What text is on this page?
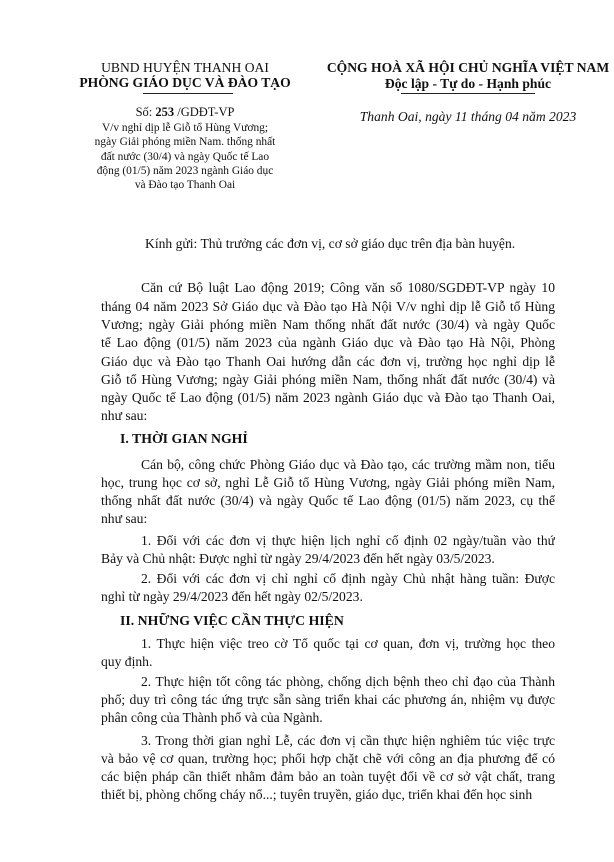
UBND HUYỆN THANH OAI
PHÒNG GIÁO DỤC VÀ ĐÀO TẠO
Số: 253 /GDĐT-VP
V/v nghỉ dịp lễ Giỗ tổ Hùng Vương;
ngày Giải phóng miền Nam. thống nhất
đất nước (30/4) và ngày Quốc tế Lao
động (01/5) năm 2023 ngành Giáo dục
và Đào tạo Thanh Oai
CỘNG HOÀ XÃ HỘI CHỦ NGHĨA VIỆT NAM
Độc lập - Tự do - Hạnh phúc
Thanh Oai, ngày 11 tháng 04 năm 2023
Kính gửi: Thủ trưởng các đơn vị, cơ sở giáo dục trên địa bàn huyện.
Căn cứ Bộ luật Lao động 2019; Công văn số 1080/SGDĐT-VP ngày 10
tháng 04 năm 2023 Sở Giáo dục và Đào tạo Hà Nội V/v nghỉ dịp lễ Giỗ tổ Hùng
Vương; ngày Giải phóng miền Nam thống nhất đất nước (30/4) và ngày Quốc
tế Lao động (01/5) năm 2023 của ngành Giáo dục và Đào tạo Hà Nội, Phòng
Giáo dục và Đào tạo Thanh Oai hướng dẫn các đơn vị, trường học nghỉ dịp lễ
Giỗ tổ Hùng Vương; ngày Giải phóng miền Nam, thống nhất đất nước (30/4) và
ngày Quốc tế Lao động (01/5) năm 2023 ngành Giáo dục và Đào tạo Thanh Oai,
như sau:
I. THỜI GIAN NGHỈ
Cán bộ, công chức Phòng Giáo dục và Đào tạo, các trường mầm non, tiểu
học, trung học cơ sở, nghỉ Lễ Giỗ tổ Hùng Vương, ngày Giải phóng miền Nam,
thống nhất đất nước (30/4) và ngày Quốc tế Lao động (01/5) năm 2023, cụ thể
như sau:
1. Đối với các đơn vị thực hiện lịch nghỉ cố định 02 ngày/tuần vào thứ
Bảy và Chủ nhật: Được nghỉ từ ngày 29/4/2023 đến hết ngày 03/5/2023.
2. Đối với các đơn vị chỉ nghỉ cố định ngày Chủ nhật hàng tuần: Được
nghỉ từ ngày 29/4/2023 đến hết ngày 02/5/2023.
II. NHỮNG VIỆC CẦN THỰC HIỆN
1. Thực hiện việc treo cờ Tổ quốc tại cơ quan, đơn vị, trường học theo
quy định.
2. Thực hiện tốt công tác phòng, chống dịch bệnh theo chỉ đạo của Thành
phố; duy trì công tác ứng trực sẵn sàng triển khai các phương án, nhiệm vụ được
phân công của Thành phố và của Ngành.
3. Trong thời gian nghỉ Lễ, các đơn vị cần thực hiện nghiêm túc việc trực
và bảo vệ cơ quan, trường học; phối hợp chặt chẽ với công an địa phương để có
các biện pháp cần thiết nhằm đảm bảo an toàn tuyệt đối về cơ sở vật chất, trang
thiết bị, phòng chống cháy nổ...; tuyên truyền, giáo dục, triển khai đến học sinh
